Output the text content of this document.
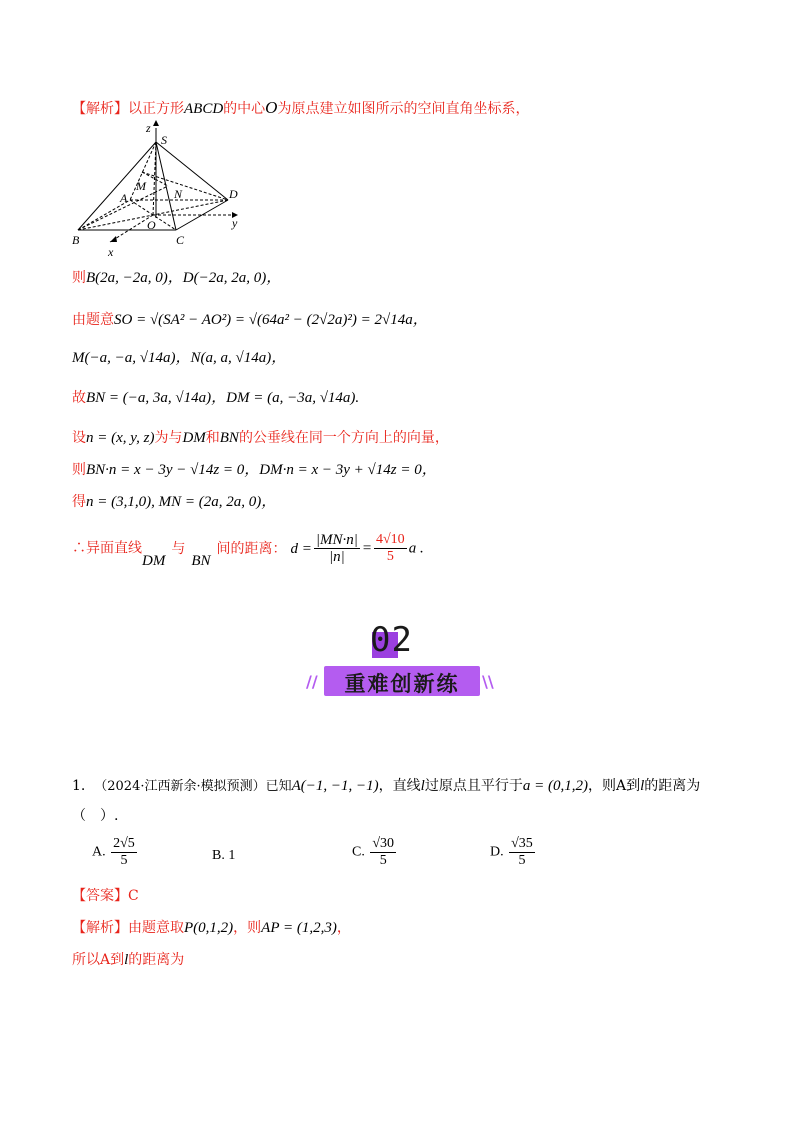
【解析】以正方形ABCD的中心O为原点建立如图所示的空间直角坐标系，
z
S
M
A	N	D
y
O
B	C
x
则B(2a, −2a, 0)，D(−2a, 2a, 0)，
由题意SO = √(SA² − AO²) = √(64a² − (2√2a)²) = 2√14a，
M(−a, −a, √14a)，N(a, a, √14a)，
故BN = (−a, 3a, √14a)，DM = (a, −3a, √14a).
设n = (x, y, z)为与DM和BN的公垂线在同一个方向上的向量，
则BN·n = x − 3y − √14z = 0，DM·n = x − 3y + √14z = 0，
得n = (3,1,0), MN = (2a, 2a, 0)，
∴异面直线DM与BN间的距离： $d = \frac{|MN\cdot n|}{|n|} = \frac{4√10}{5}$ a .
02
重难创新练
//	\\
1. （2024·江西新余·模拟预测）已知A(−1, −1, −1)，直线l过原点且平行于a = (0,1,2)，则A到l的距离为
（　）.
A. $\frac{2√5}{5}$	B. 1	C. $\frac{√30}{5}$	D. $\frac{√35}{5}$
【答案】C
【解析】由题意取P(0,1,2)，则AP = (1,2,3)，
所以A到l的距离为
